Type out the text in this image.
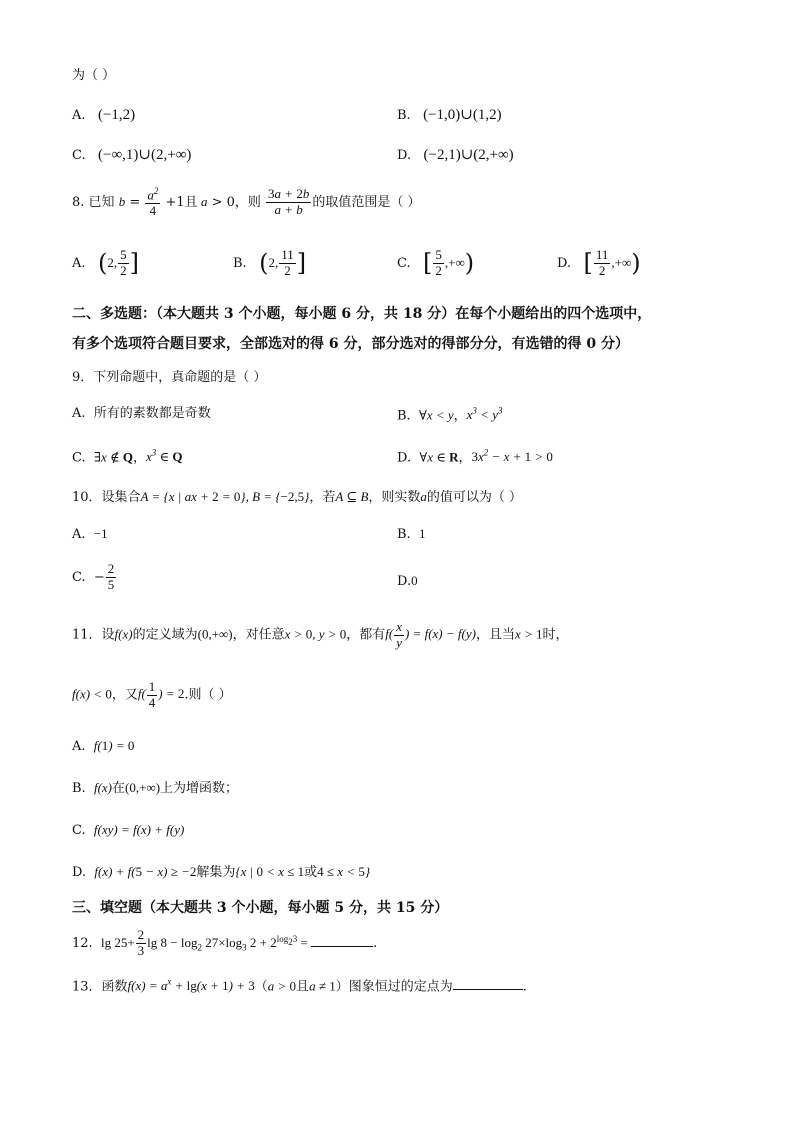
为（ ）
A. (−1,2)	B. (−1,0)∪(1,2)
C. (−∞,1)∪(2,+∞)	D. (−2,1)∪(2,+∞)
8. 已知 $b = \frac{a^2}{4} +1$且 a > 0，则 $\frac{3a + 2b}{a + b}$ 的取值范围是（ ）
A. (2, $\frac{5}{2}$ ]	B. (2, $\frac{11}{2}$ ]	C. [ $\frac{5}{2}$ ,+∞)	D. [ $\frac{11}{2}$ ,+∞)
二、多选题：（本大题共 3 个小题，每小题 6 分，共 18 分）在每个小题给出的四个选项中，
有多个选项符合题目要求，全部选对的得 6 分，部分选对的得部分分，有选错的得 0 分）
9．下列命题中，真命题的是（ ）
A. 所有的素数都是奇数	B. ∀x < y，$x^3 < y^3$
C. ∃x ∉ Q，$x^3$ ∈ Q	D. ∀x ∈ R，$3x^2 - x + 1 > 0$
10．设集合A = {x | ax + 2 = 0}, B = {−2,5}，若A ⊆ B，则实数a的值可以为（ ）
A. −1	B. 1
C.  − $\frac{2}{5}$	D.0
11．设f(x)的定义域为(0,+∞)，对任意x > 0, y > 0，都有$f( \frac{x}{y}$ ) = f(x) − f(y)，且当x > 1时，
f(x) < 0，又$f( \frac{1}{4}$ ) = 2.则（ ）
A. f(1) = 0
B. f(x)在(0,+∞)上为增函数；
C. f(xy) = f(x) + f(y)
D. f(x) + f(5 − x) ≥ −2解集为{x | 0 < x ≤ 1或4 ≤ x < 5}
三、填空题（本大题共 3 个小题，每小题 5 分，共 15 分）
12. $\lg 25+ \frac{2}{3}$ $\lg 8 - \log_2 27\times\log_3$ $2 + 2^{log_23}$ =	.
13．函数$f(x) = a^x + \lg(x + 1) + 3(a > 0$且a ≠ 1）图象恒过的定点为	.
